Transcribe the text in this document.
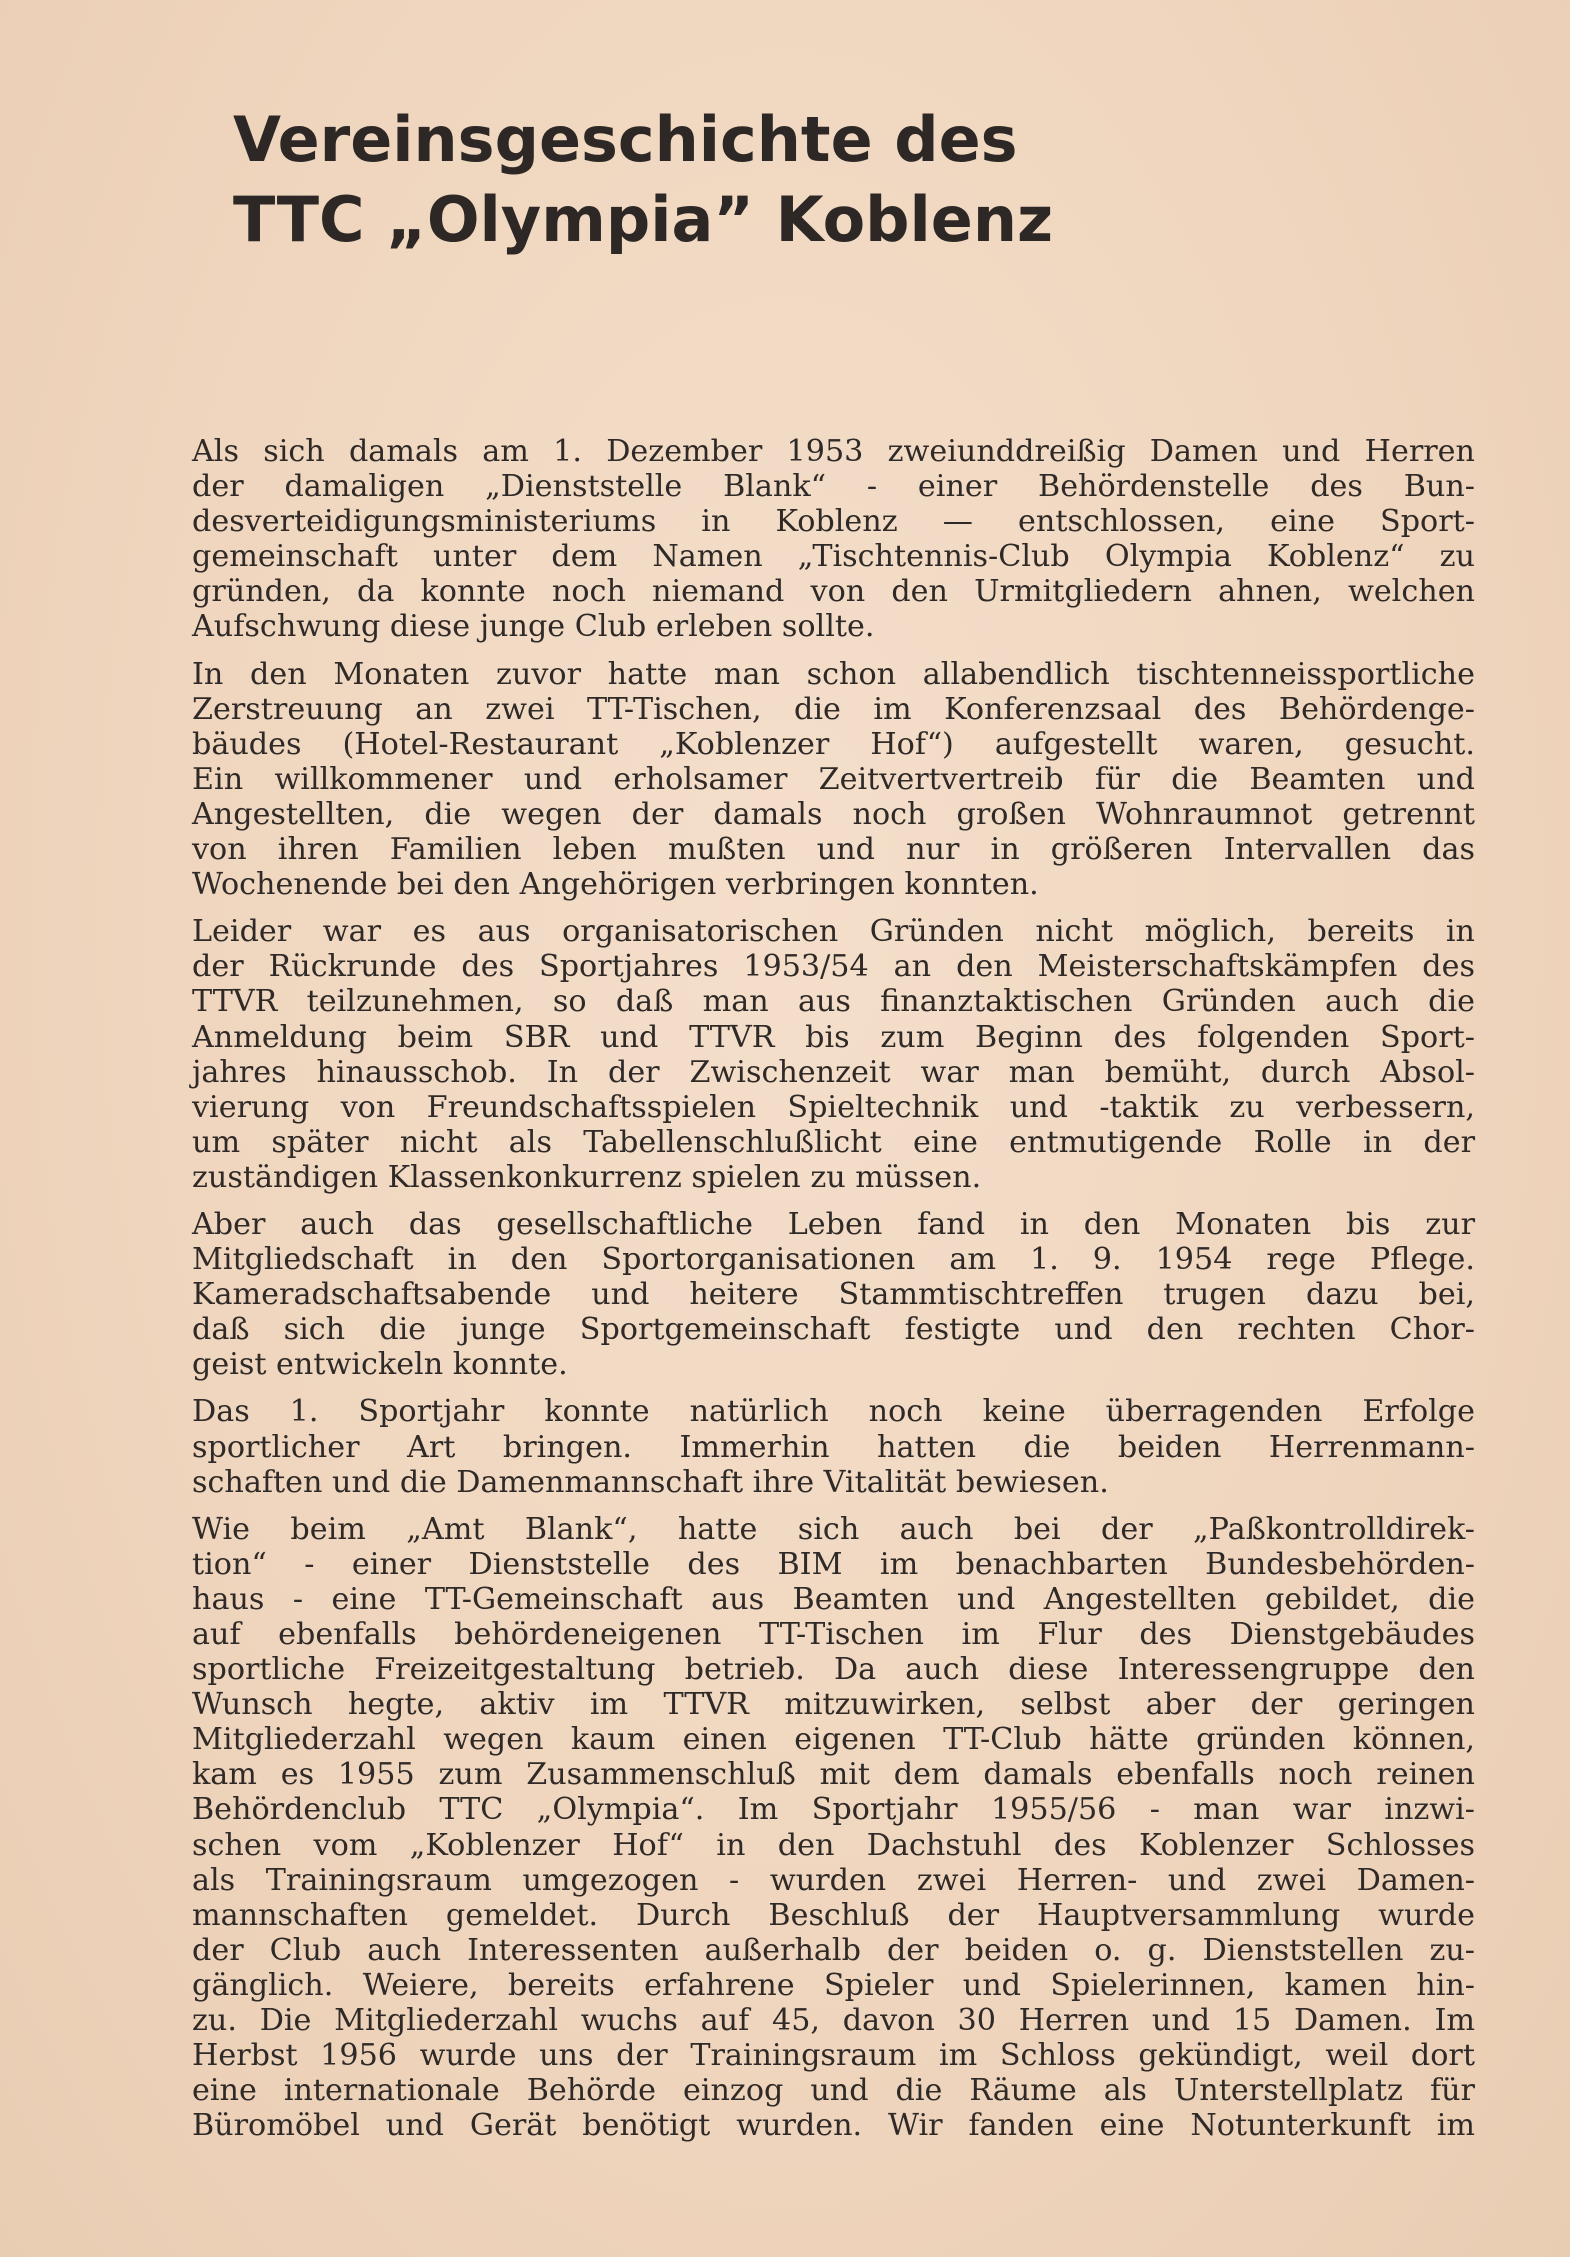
Vereinsgeschichte des
TTC „Olympia” Koblenz

Als sich damals am 1. Dezember 1953 zweiunddreißig Damen und Herren
der damaligen „Dienststelle Blank“ - einer Behördenstelle des Bun-
desverteidigungsministeriums in Koblenz — entschlossen, eine Sport-
gemeinschaft unter dem Namen „Tischtennis-Club Olympia Koblenz“ zu
gründen, da konnte noch niemand von den Urmitgliedern ahnen, welchen
Aufschwung diese junge Club erleben sollte.

In den Monaten zuvor hatte man schon allabendlich tischtenneissportliche
Zerstreuung an zwei TT-Tischen, die im Konferenzsaal des Behördenge-
bäudes (Hotel-Restaurant „Koblenzer Hof“) aufgestellt waren, gesucht.
Ein willkommener und erholsamer Zeitvertvertreib für die Beamten und
Angestellten, die wegen der damals noch großen Wohnraumnot getrennt
von ihren Familien leben mußten und nur in größeren Intervallen das
Wochenende bei den Angehörigen verbringen konnten.

Leider war es aus organisatorischen Gründen nicht möglich, bereits in
der Rückrunde des Sportjahres 1953/54 an den Meisterschaftskämpfen des
TTVR teilzunehmen, so daß man aus finanztaktischen Gründen auch die
Anmeldung beim SBR und TTVR bis zum Beginn des folgenden Sport-
jahres hinausschob. In der Zwischenzeit war man bemüht, durch Absol-
vierung von Freundschaftsspielen Spieltechnik und -taktik zu verbessern,
um später nicht als Tabellenschlußlicht eine entmutigende Rolle in der
zuständigen Klassenkonkurrenz spielen zu müssen.

Aber auch das gesellschaftliche Leben fand in den Monaten bis zur
Mitgliedschaft in den Sportorganisationen am 1. 9. 1954 rege Pflege.
Kameradschaftsabende und heitere Stammtischtreffen trugen dazu bei,
daß sich die junge Sportgemeinschaft festigte und den rechten Chor-
geist entwickeln konnte.

Das 1. Sportjahr konnte natürlich noch keine überragenden Erfolge
sportlicher Art bringen. Immerhin hatten die beiden Herrenmann-
schaften und die Damenmannschaft ihre Vitalität bewiesen.

Wie beim „Amt Blank“, hatte sich auch bei der „Paßkontrolldirek-
tion“ - einer Dienststelle des BIM im benachbarten Bundesbehörden-
haus - eine TT-Gemeinschaft aus Beamten und Angestellten gebildet, die
auf ebenfalls behördeneigenen TT-Tischen im Flur des Dienstgebäudes
sportliche Freizeitgestaltung betrieb. Da auch diese Interessengruppe den
Wunsch hegte, aktiv im TTVR mitzuwirken, selbst aber der geringen
Mitgliederzahl wegen kaum einen eigenen TT-Club hätte gründen können,
kam es 1955 zum Zusammenschluß mit dem damals ebenfalls noch reinen
Behördenclub TTC „Olympia“. Im Sportjahr 1955/56 - man war inzwi-
schen vom „Koblenzer Hof“ in den Dachstuhl des Koblenzer Schlosses
als Trainingsraum umgezogen - wurden zwei Herren- und zwei Damen-
mannschaften gemeldet. Durch Beschluß der Hauptversammlung wurde
der Club auch Interessenten außerhalb der beiden o. g. Dienststellen zu-
gänglich. Weiere, bereits erfahrene Spieler und Spielerinnen, kamen hin-
zu. Die Mitgliederzahl wuchs auf 45, davon 30 Herren und 15 Damen. Im
Herbst 1956 wurde uns der Trainingsraum im Schloss gekündigt, weil dort
eine internationale Behörde einzog und die Räume als Unterstellplatz für
Büromöbel und Gerät benötigt wurden. Wir fanden eine Notunterkunft im
